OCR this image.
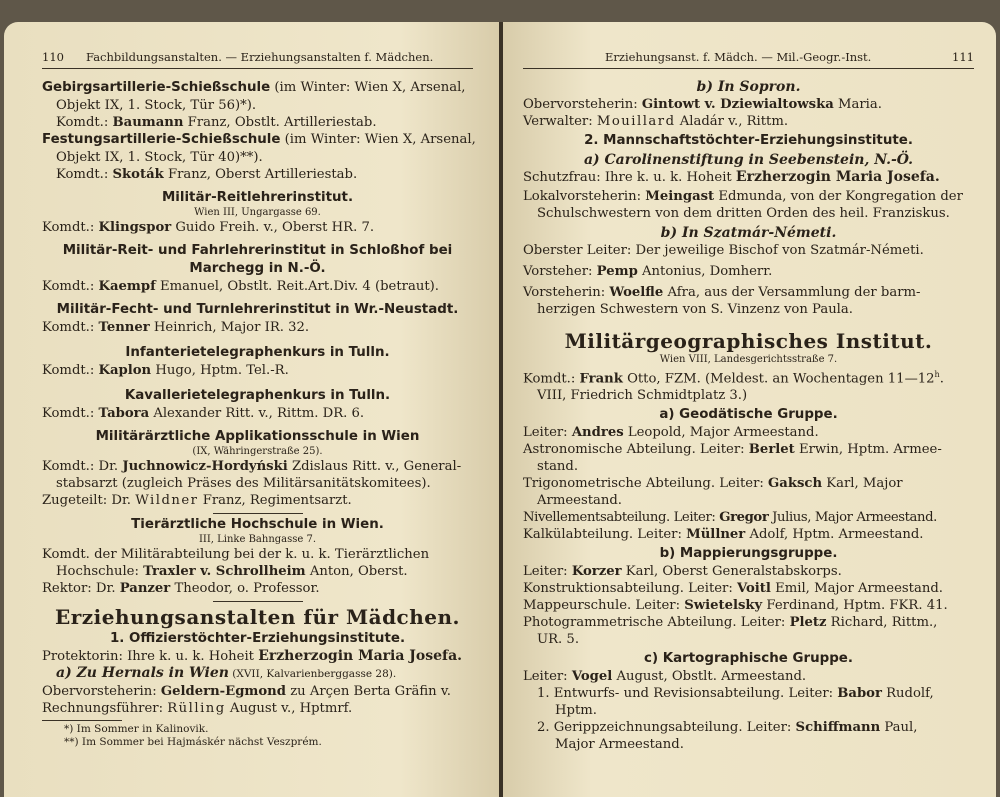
110 Fachbildungsanstalten. — Erziehungsanstalten f. Mädchen.
Gebirgsartillerie-Schießschule (im Winter: Wien X, Arsenal,
Objekt IX, 1. Stock, Tür 56)*).
Komdt.: Baumann Franz, Obstlt. Artilleriestab.
Festungsartillerie-Schießschule (im Winter: Wien X, Arsenal,
Objekt IX, 1. Stock, Tür 40)**).
Komdt.: Skoták Franz, Oberst Artilleriestab.
Militär-Reitlehrerinstitut.
Wien III, Ungargasse 69.
Komdt.: Klingspor Guido Freih. v., Oberst HR. 7.
Militär-Reit- und Fahrlehrerinstitut in Schloßhof bei
Marchegg in N.-Ö.
Komdt.: Kaempf Emanuel, Obstlt. Reit.Art.Div. 4 (betraut).
Militär-Fecht- und Turnlehrerinstitut in Wr.-Neustadt.
Komdt.: Tenner Heinrich, Major IR. 32.
Infanterietelegraphenkurs in Tulln.
Komdt.: Kaplon Hugo, Hptm. Tel.-R.
Kavallerietelegraphenkurs in Tulln.
Komdt.: Tabora Alexander Ritt. v., Rittm. DR. 6.
Militärärztliche Applikationsschule in Wien
(IX, Währingerstraße 25).
Komdt.: Dr. Juchnowicz-Hordyński Zdislaus Ritt. v., General-
stabsarzt (zugleich Präses des Militärsanitätskomitees).
Zugeteilt: Dr. Wildner Franz, Regimentsarzt.
Tierärztliche Hochschule in Wien.
III, Linke Bahngasse 7.
Komdt. der Militärabteilung bei der k. u. k. Tierärztlichen
Hochschule: Traxler v. Schrollheim Anton, Oberst.
Rektor: Dr. Panzer Theodor, o. Professor.
Erziehungsanstalten für Mädchen.
1. Offizierstöchter-Erziehungsinstitute.
Protektorin: Ihre k. u. k. Hoheit Erzherzogin Maria Josefa.
a) Zu Hernals in Wien (XVII, Kalvarienberggasse 28).
Obervorsteherin: Geldern-Egmond zu Arçen Berta Gräfin v.
Rechnungsführer: Rülling August v., Hptmrf.
*) Im Sommer in Kalinovik.
**) Im Sommer bei Hajmáskér nächst Veszprém.
Erziehungsanst. f. Mädch. — Mil.-Geogr.-Inst.	111
b) In Sopron.
Obervorsteherin: Gintowt v. Dziewialtowska Maria.
Verwalter: Mouillard Aladár v., Rittm.
2. Mannschaftstöchter-Erziehungsinstitute.
a) Carolinenstiftung in Seebenstein, N.-Ö.
Schutzfrau: Ihre k. u. k. Hoheit Erzherzogin Maria Josefa.
Lokalvorsteherin: Meingast Edmunda, von der Kongregation der
Schulschwestern von dem dritten Orden des heil. Franziskus.
b) In Szatmár-Németi.
Oberster Leiter: Der jeweilige Bischof von Szatmár-Németi.
Vorsteher: Pemp Antonius, Domherr.
Vorsteherin: Woelfle Afra, aus der Versammlung der barm-
herzigen Schwestern von S. Vinzenz von Paula.
Militärgeographisches Institut.
Wien VIII, Landesgerichtsstraße 7.
Komdt.: Frank Otto, FZM. (Meldest. an Wochentagen 11—12$^h$.
VIII, Friedrich Schmidtplatz 3.)
a) Geodätische Gruppe.
Leiter: Andres Leopold, Major Armeestand.
Astronomische Abteilung. Leiter: Berlet Erwin, Hptm. Armee-
stand.
Trigonometrische Abteilung. Leiter: Gaksch Karl, Major
Armeestand.
Nivellementsabteilung. Leiter: Gregor Julius, Major Armeestand.
Kalkülabteilung. Leiter: Müllner Adolf, Hptm. Armeestand.
b) Mappierungsgruppe.
Leiter: Korzer Karl, Oberst Generalstabskorps.
Konstruktionsabteilung. Leiter: Voitl Emil, Major Armeestand.
Mappeurschule. Leiter: Swietelsky Ferdinand, Hptm. FKR. 41.
Photogrammetrische Abteilung. Leiter: Pletz Richard, Rittm.,
UR. 5.
c) Kartographische Gruppe.
Leiter: Vogel August, Obstlt. Armeestand.
1. Entwurfs- und Revisionsabteilung. Leiter: Babor Rudolf,
Hptm.
2. Gerippzeichnungsabteilung. Leiter: Schiffmann Paul,
Major Armeestand.
